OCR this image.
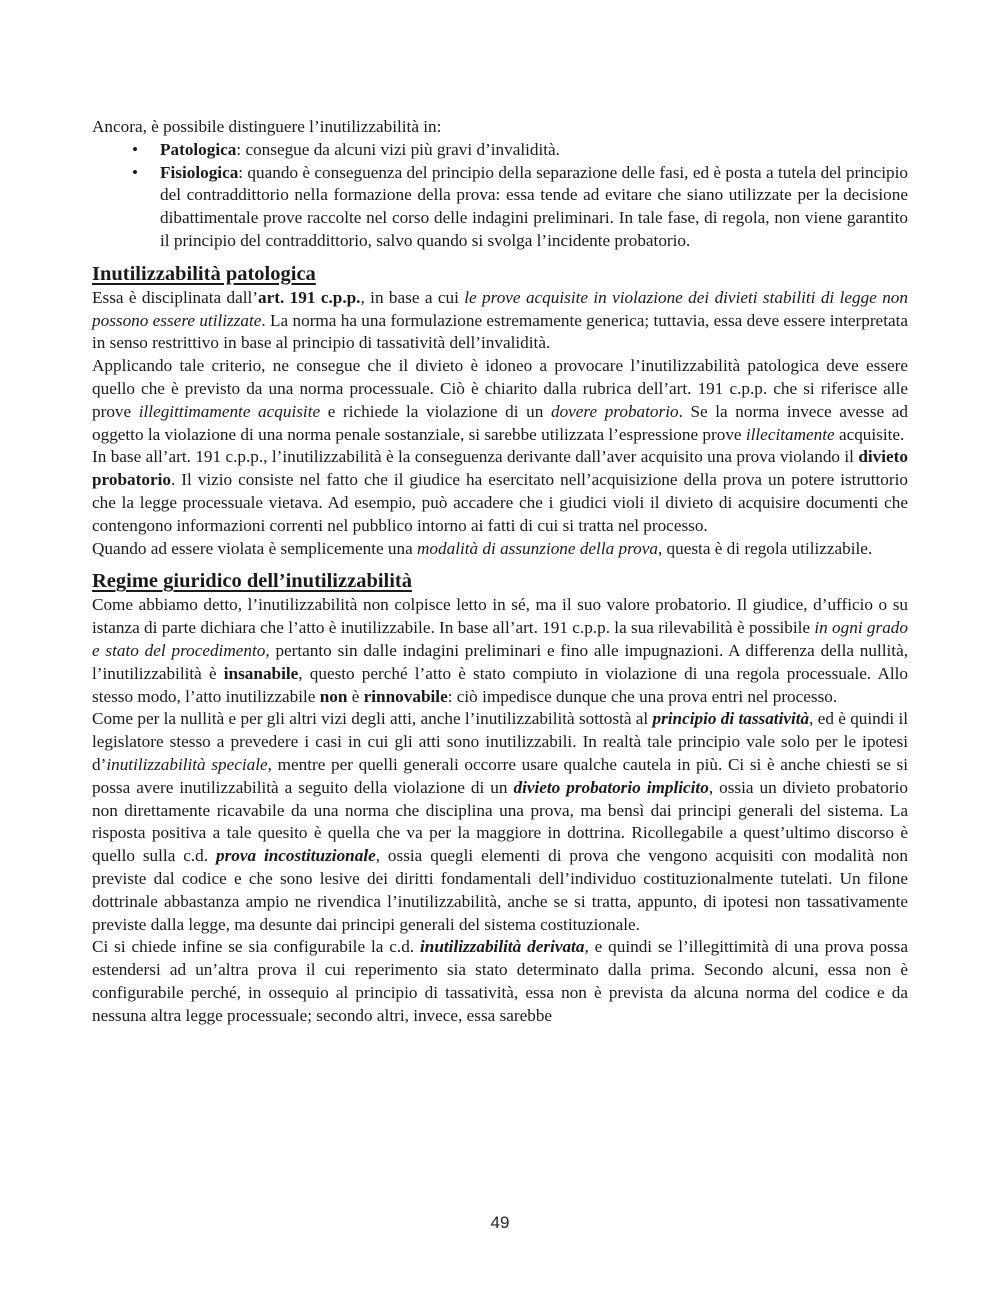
Ancora, è possibile distinguere l’inutilizzabilità in:

• Patologica: consegue da alcuni vizi più gravi d’invalidità.
• Fisiologica: quando è conseguenza del principio della separazione delle fasi, ed è posta a tutela del principio del contraddittorio nella formazione della prova: essa tende ad evitare che siano utilizzate per la decisione dibattimentale prove raccolte nel corso delle indagini preliminari. In tale fase, di regola, non viene garantito il principio del contraddittorio, salvo quando si svolga l’incidente probatorio.
Inutilizzabilità patologica

Essa è disciplinata dall’art. 191 c.p.p., in base a cui le prove acquisite in violazione dei divieti stabiliti di legge non possono essere utilizzate. La norma ha una formulazione estremamente generica; tuttavia, essa deve essere interpretata in senso restrittivo in base al principio di tassatività dell’invalidità.

Applicando tale criterio, ne consegue che il divieto è idoneo a provocare l’inutilizzabilità patologica deve essere quello che è previsto da una norma processuale. Ciò è chiarito dalla rubrica dell’art. 191 c.p.p. che si riferisce alle prove illegittimamente acquisite e richiede la violazione di un dovere probatorio. Se la norma invece avesse ad oggetto la violazione di una norma penale sostanziale, si sarebbe utilizzata l’espressione prove illecitamente acquisite.

In base all’art. 191 c.p.p., l’inutilizzabilità è la conseguenza derivante dall’aver acquisito una prova violando il divieto probatorio. Il vizio consiste nel fatto che il giudice ha esercitato nell’acquisizione della prova un potere istruttorio che la legge processuale vietava. Ad esempio, può accadere che i giudici violi il divieto di acquisire documenti che contengono informazioni correnti nel pubblico intorno ai fatti di cui si tratta nel processo.

Quando ad essere violata è semplicemente una modalità di assunzione della prova, questa è di regola utilizzabile.

Regime giuridico dell’inutilizzabilità

Come abbiamo detto, l’inutilizzabilità non colpisce letto in sé, ma il suo valore probatorio. Il giudice, d’ufficio o su istanza di parte dichiara che l’atto è inutilizzabile. In base all’art. 191 c.p.p. la sua rilevabilità è possibile in ogni grado e stato del procedimento, pertanto sin dalle indagini preliminari e fino alle impugnazioni. A differenza della nullità, l’inutilizzabilità è insanabile, questo perché l’atto è stato compiuto in violazione di una regola processuale. Allo stesso modo, l’atto inutilizzabile non è rinnovabile: ciò impedisce dunque che una prova entri nel processo.

Come per la nullità e per gli altri vizi degli atti, anche l’inutilizzabilità sottostà al principio di tassatività, ed è quindi il legislatore stesso a prevedere i casi in cui gli atti sono inutilizzabili. In realtà tale principio vale solo per le ipotesi d’inutilizzabilità speciale, mentre per quelli generali occorre usare qualche cautela in più. Ci si è anche chiesti se si possa avere inutilizzabilità a seguito della violazione di un divieto probatorio implicito, ossia un divieto probatorio non direttamente ricavabile da una norma che disciplina una prova, ma bensì dai principi generali del sistema. La risposta positiva a tale quesito è quella che va per la maggiore in dottrina. Ricollegabile a quest’ultimo discorso è quello sulla c.d. prova incostituzionale, ossia quegli elementi di prova che vengono acquisiti con modalità non previste dal codice e che sono lesive dei diritti fondamentali dell’individuo costituzionalmente tutelati. Un filone dottrinale abbastanza ampio ne rivendica l’inutilizzabilità, anche se si tratta, appunto, di ipotesi non tassativamente previste dalla legge, ma desunte dai principi generali del sistema costituzionale.

Ci si chiede infine se sia configurabile la c.d. inutilizzabilità derivata, e quindi se l’illegittimità di una prova possa estendersi ad un’altra prova il cui reperimento sia stato determinato dalla prima. Secondo alcuni, essa non è configurabile perché, in ossequio al principio di tassatività, essa non è prevista da alcuna norma del codice e da nessuna altra legge processuale; secondo altri, invece, essa sarebbe

49
